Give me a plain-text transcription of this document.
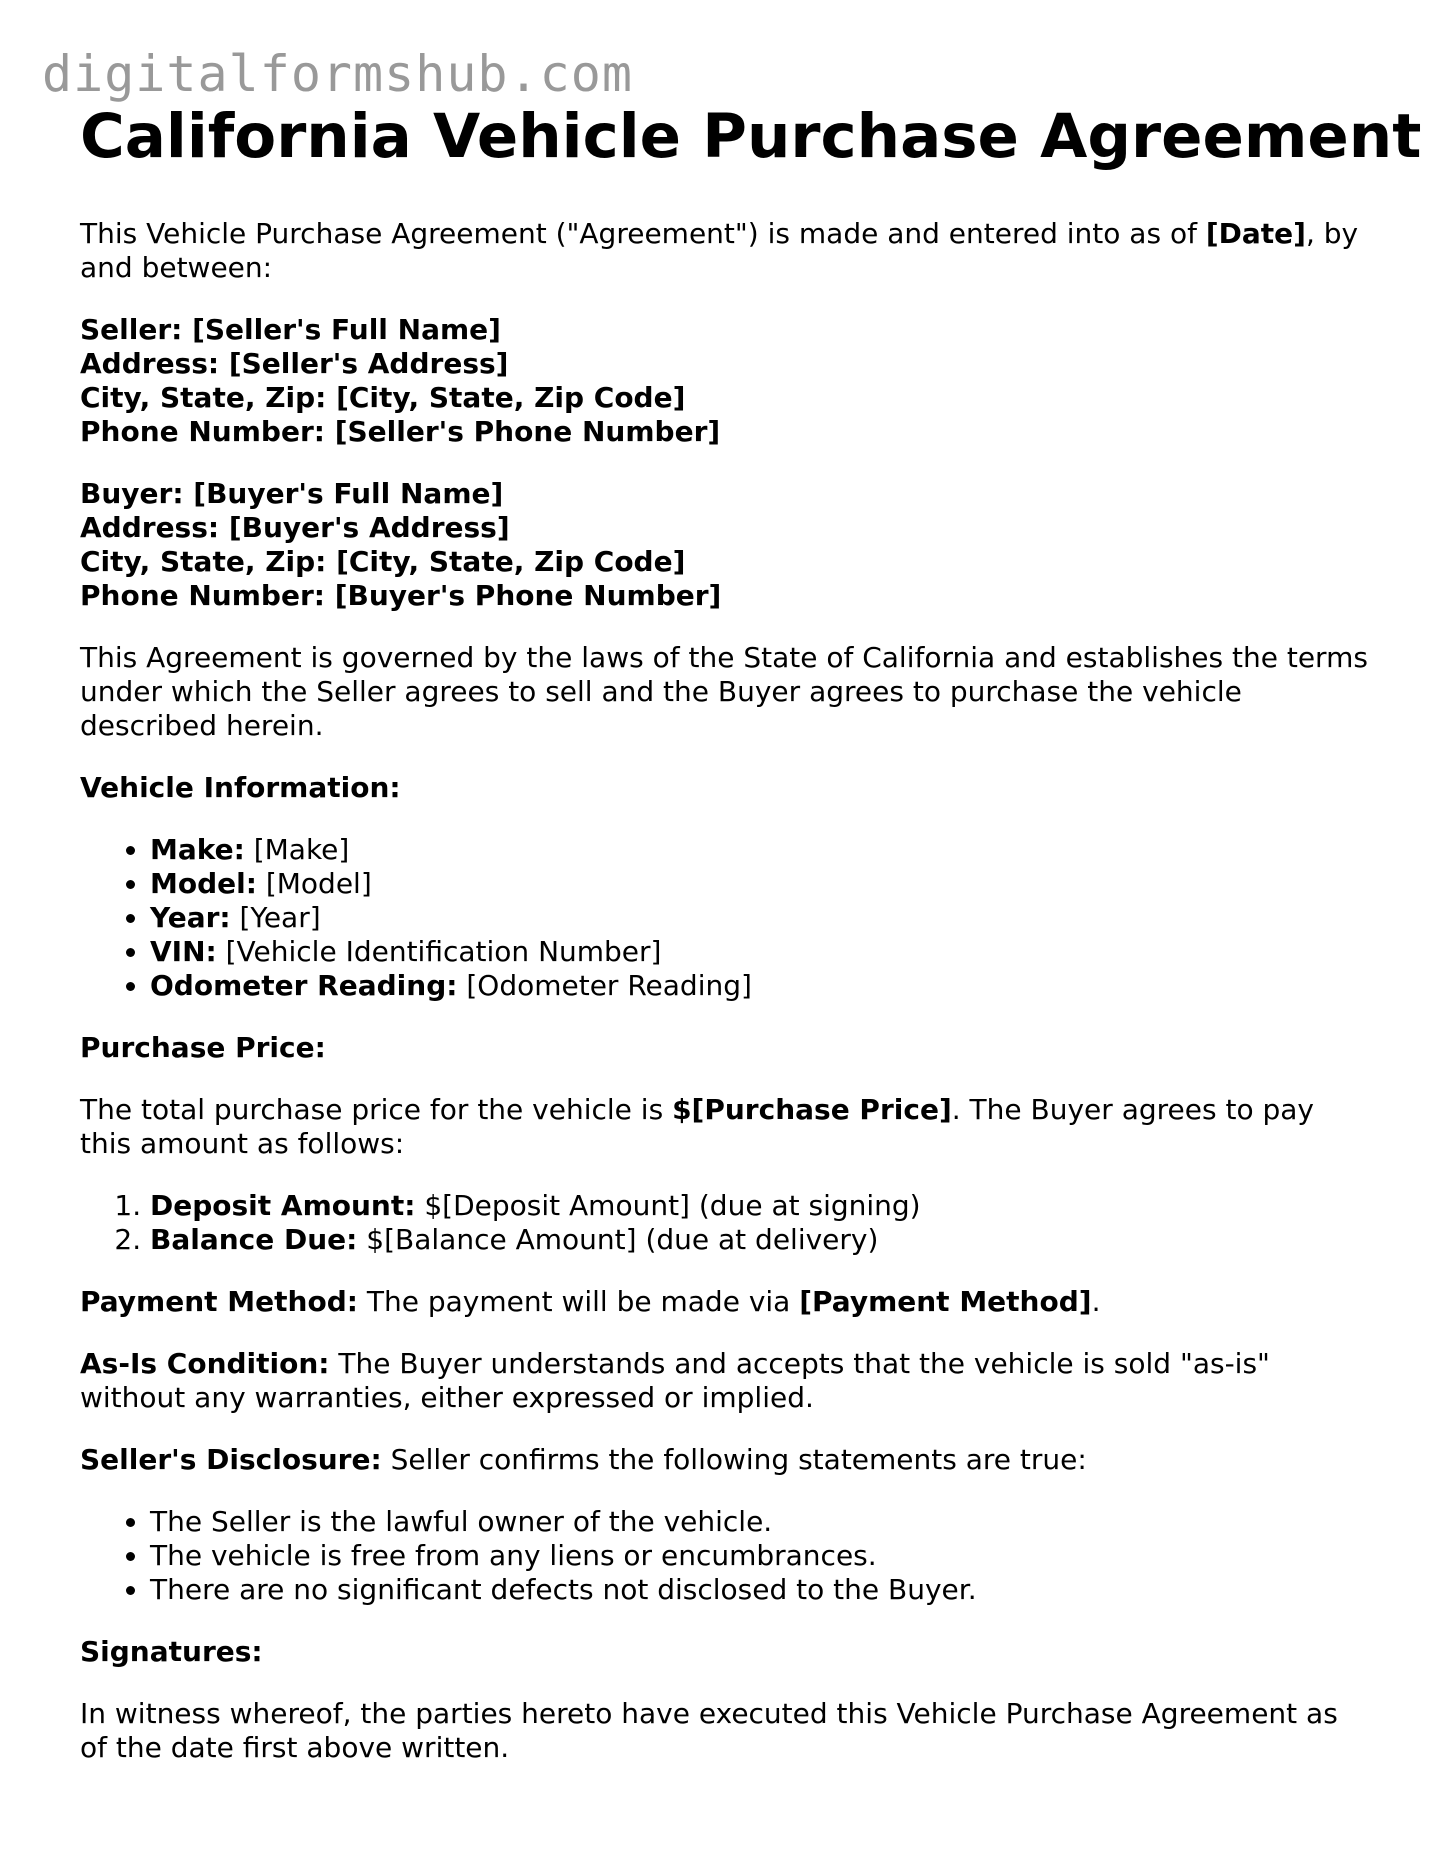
digitalformshub.com
California Vehicle Purchase Agreement

This Vehicle Purchase Agreement ("Agreement") is made and entered into as of [Date], by and between:

Seller: [Seller's Full Name]
Address: [Seller's Address]
City, State, Zip: [City, State, Zip Code]
Phone Number: [Seller's Phone Number]
Buyer: [Buyer's Full Name]
Address: [Buyer's Address]
City, State, Zip: [City, State, Zip Code]
Phone Number: [Buyer's Phone Number]

This Agreement is governed by the laws of the State of California and establishes the terms under which the Seller agrees to sell and the Buyer agrees to purchase the vehicle described herein.

Vehicle Information:

• Make: [Make]
• Model: [Model]
• Year: [Year]
• VIN: [Vehicle Identification Number]
• Odometer Reading: [Odometer Reading]

Purchase Price:

The total purchase price for the vehicle is $[Purchase Price]. The Buyer agrees to pay this amount as follows:

1. Deposit Amount: $[Deposit Amount] (due at signing)
2. Balance Due: $[Balance Amount] (due at delivery)

Payment Method: The payment will be made via [Payment Method].

As-Is Condition: The Buyer understands and accepts that the vehicle is sold "as-is" without any warranties, either expressed or implied.

Seller's Disclosure: Seller confirms the following statements are true:

• The Seller is the lawful owner of the vehicle.
• The vehicle is free from any liens or encumbrances.
• There are no significant defects not disclosed to the Buyer.

Signatures:

In witness whereof, the parties hereto have executed this Vehicle Purchase Agreement as of the date first above written.
